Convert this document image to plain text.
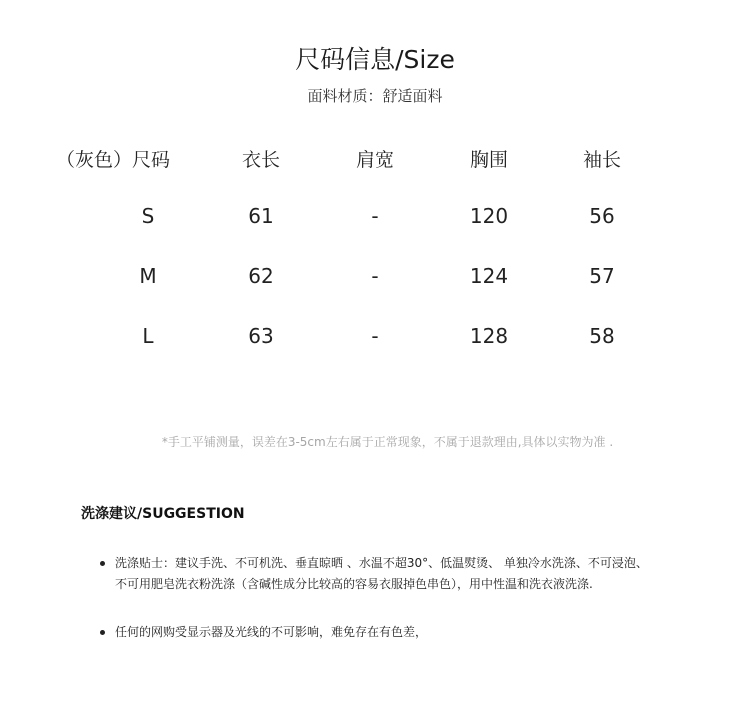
尺码信息/Size
面料材质：舒适面料
（灰色）尺码	衣长	肩宽	胸围	袖长
S	61	-	120	56
M	62	-	124	57
L	63	-	128	58
*手工平铺测量，误差在3-5cm左右属于正常现象，不属于退款理由,具体以实物为准 .
洗涤建议/SUGGESTION
洗涤贴士：建议手洗、不可机洗、垂直晾晒 、水温不超30°、低温熨烫、 单独冷水洗涤、不可浸泡、
不可用肥皂洗衣粉洗涤（含碱性成分比较高的容易衣服掉色串色），用中性温和洗衣液洗涤.
任何的网购受显示器及光线的不可影响，难免存在有色差，
